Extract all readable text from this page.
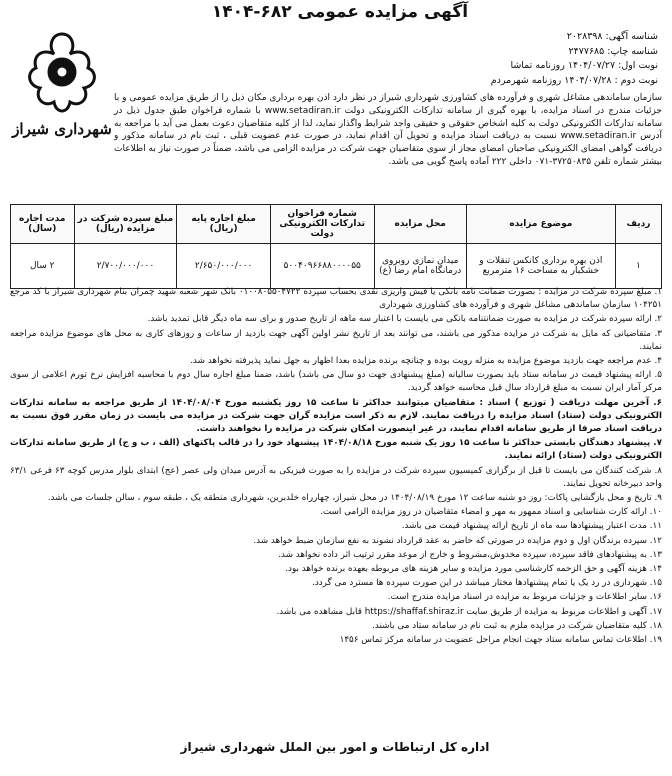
آگهی مزایده عمومی ۶۸۲-۱۴۰۴
شهرداری شیراز
شناسه آگهی: ۲۰۲۸۳۹۸
شناسه چاپ: ۲۴۷۷۶۸۵
نوبت اول: ۱۴۰۴/۰۷/۲۷ روزنامه تماشا
نوبت دوم : ۱۴۰۴/۰۷/۲۸ روزنامه شهرمردم
سازمان ساماندهی مشاغل شهری و فرآورده های کشاورزی شهرداری شیراز در نظر دارد اذن بهره برداری مکان ذیل را از طریق مزایده عمومی و با جزئیات مندرج در اسناد مزایده، با بهره گیری از سامانه تدارکات الکترونیکی دولت www.setadiran.ir با شماره فراخوان طبق جدول ذیل در سامانه تدارکات الکترونیکی دولت به کلیه اشخاص حقوقی و حقیقی واجد شرایط واگذار نماید، لذا از کلیه متقاضیان دعوت بعمل می آید با مراجعه به آدرس www.setadiran.ir نسبت به دریافت اسناد مزایده و تحویل آن اقدام نماید، در صورت عدم عضویت قبلی ، ثبت نام در سامانه مذکور و دریافت گواهی امضای الکترونیکی صاحبان امضای مجاز از سوی متقاضیان جهت شرکت در مزایده الزامی می باشد، ضمناً در صورت نیاز به اطلاعات بیشتر شماره تلفن ۳۷۲۵۰۸۳۵-۰۷۱ داخلی ۲۲۲ آماده پاسخ گویی می باشد.
ردیف	موضوع مزایده	محل مزایده	شماره فراخوان تدارکات الکترونیکی دولت	مبلغ اجاره پایه (ریال)	مبلغ سپرده شرکت در مزایده (ریال)	مدت اجاره (سال)
۱	اذن بهره برداری کانکس تنقلات و خشکبار به مساحت ۱۶ مترمربع	میدان نمازی روبروی درمانگاه امام رضا (ع)	۵۰۰۴۰۹۶۶۸۸۰۰۰۰۵۵	۲/۶۵۰/۰۰۰/۰۰۰	۲/۷۰۰/۰۰۰/۰۰۰	۲ سال

۱. مبلغ سپرده شرکت در مزایده : بصورت ضمانت نامه بانکی یا فیش واریزی نقدی بحساب سپرده ۰۱۰۰۸۰۵۵۰۴۷۲۲ بانک شهر شعبه شهید چمران بنام شهرداری شیراز با کد مرجع ۱۰۴۲۵۱ سازمان ساماندهی مشاغل شهری و فرآورده های کشاورزی شهرداری

۲. ارائه سپرده شرکت در مزایده به صورت ضمانتنامه بانکی می بایست با اعتبار سه ماهه از تاریخ صدور و برای سه ماه دیگر قابل تمدید باشد.

۳. متقاضیانی که مایل به شرکت در مزایده مذکور می باشند، می توانند بعد از تاریخ نشر اولین آگهی جهت بازدید از ساعات و روزهای کاری به محل های موضوع مزایده مراجعه نمایند.

۴. عدم مراجعه جهت بازدید موضوع مزایده به منزله رویت بوده و چنانچه برنده مزایده بعدا اظهار به جهل نماید پذیرفته نخواهد شد.

۵. ارائه پیشنهاد قیمت در سامانه ستاد باید بصورت سالیانه (مبلغ پیشنهادی جهت دو سال می باشد) باشد، ضمنا مبلغ اجاره سال دوم با محاسبه افزایش نرخ تورم اعلامی از سوی مرکز آمار ایران نسبت به مبلغ قرارداد سال قبل محاسبه خواهد گردید.

۶. آخرین مهلت دریافت ( توزیع ) اسناد : متقاضیان میتوانند حداکثر تا ساعت ۱۵ روز یکشنبه مورخ ۱۴۰۴/۰۸/۰۴ از طریق مراجعه به سامانه تدارکات الکترونیکی دولت (ستاد) اسناد مزایده را دریافت نمایند. لازم به ذکر است مزایده گران جهت شرکت در مزایده می بایست در زمان مقرر فوق نسبت به دریافت اسناد صرفا از طریق سامانه اقدام نمایند، در غیر اینصورت امکان شرکت در مزایده را نخواهند داشت.

۷. پیشنهاد دهندگان بایستی حداکثر تا ساعت ۱۵ روز یک شنبه مورخ ۱۴۰۴/۰۸/۱۸ پیشنهاد خود را در قالب پاکتهای (الف ، ب و ج) از طریق سامانه تدارکات الکترونیکی دولت (ستاد) ارائه نمایند.

۸. شرکت کنندگان می بایست تا قبل از برگزاری کمیسیون سپرده شرکت در مزایده را به صورت فیزیکی به آدرس میدان ولی عصر (عج) ابتدای بلوار مدرس کوچه ۶۳ فرعی ۶۳/۱ واحد دبیرخانه تحویل نمایند.

۹. تاریخ و محل بازگشایی پاکات: روز دو شنبه ساعت ۱۲ مورخ ۱۴۰۴/۰۸/۱۹ در محل شیراز، چهارراه خلدبرین، شهرداری منطقه یک ، طبقه سوم ، سالن جلسات می باشد.

۱۰. ارائه کارت شناسایی و اسناد ممهور به مهر و امضاء متقاضیان در روز مزایده الزامی است.

۱۱. مدت اعتبار پیشنهادها سه ماه از تاریخ ارائه پیشنهاد قیمت می باشد.

۱۲. سپرده برندگان اول و دوم مزایده در صورتی که حاضر به عقد قرارداد نشوند به نفع سازمان ضبط خواهد شد.

۱۳. به پیشنهادهای فاقد سپرده، سپرده مخدوش،مشروط و خارج از موعد مقرر ترتیب اثر داده نخواهد شد.

۱۴. هزینه آگهی و حق الزحمه کارشناسی مورد مزایده و سایر هزینه های مربوطه بعهده برنده خواهد بود.

۱۵. شهرداری در رد یک یا تمام پیشنهادها مختار میباشد در این صورت سپرده ها مسترد می گردد.

۱۶. سایر اطلاعات و جزئیات مربوط به مزایده در اسناد مزایده مندرج است.

۱۷. آگهی و اطلاعات مربوط به مزایده از طریق سایت https://shaffaf.shiraz.ir قابل مشاهده می باشد.

۱۸. کلیه متقاضیان شرکت در مزایده ملزم به ثبت نام در سامانه ستاد می باشند.

۱۹. اطلاعات تماس سامانه ستاد جهت انجام مراحل عضویت در سامانه مرکز تماس ۱۴۵۶

اداره کل ارتباطات و امور بین الملل شهرداری شیراز
